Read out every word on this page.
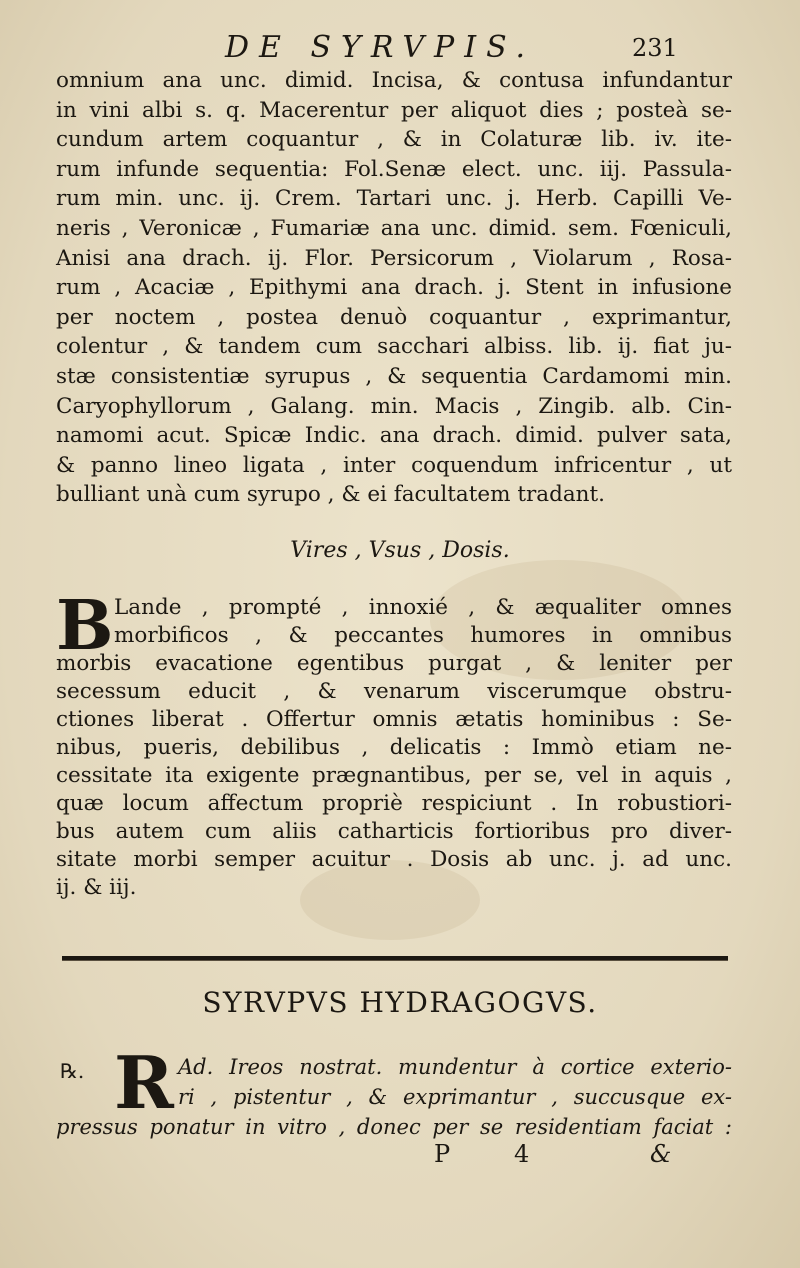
DE SYRVPIS.	231
omnium ana unc. dimid. Incisa, & contusa infundantur
in vini albi s. q. Macerentur per aliquot dies ; posteà se-
cundum artem coquantur , & in Colaturæ lib. iv. ite-
rum infunde sequentia: Fol.Senæ elect. unc. iij. Passula-
rum min. unc. ij. Crem. Tartari unc. j. Herb. Capilli Ve-
neris , Veronicæ , Fumariæ ana unc. dimid. sem. Fœniculi,
Anisi ana drach. ij. Flor. Persicorum , Violarum , Rosa-
rum , Acaciæ , Epithymi ana drach. j. Stent in infusione
per noctem , postea denuò coquantur , exprimantur,
colentur , & tandem cum sacchari albiss. lib. ij. fiat ju-
stæ consistentiæ syrupus , & sequentia Cardamomi min.
Caryophyllorum , Galang. min. Macis , Zingib. alb. Cin-
namomi acut. Spicæ Indic. ana drach. dimid. pulver sata,
& panno lineo ligata , inter coquendum infricentur , ut
bulliant unà cum syrupo , & ei facultatem tradant.
Vires , Vsus , Dosis.
B Lande , prompté , innoxié , & æqualiter omnes
morbificos , & peccantes humores in omnibus
morbis evacatione egentibus purgat , & leniter per
secessum educit , & venarum viscerumque obstru-
ctiones liberat . Offertur omnis ætatis hominibus : Se-
nibus, pueris, debilibus , delicatis : Immò etiam ne-
cessitate ita exigente prægnantibus, per se, vel in aquis ,
quæ locum affectum propriè respiciunt . In robustiori-
bus autem cum aliis catharticis fortioribus pro diver-
sitate morbi semper acuitur . Dosis ab unc. j. ad unc.
ij. & iij.
SYRVPVS HYDRAGOGVS.
℞. R Ad. Ireos nostrat. mundentur à cortice exterio-
ri , pistentur , & exprimantur , succusque ex-
pressus ponatur in vitro , donec per se residentiam faciat :
P	4	&
